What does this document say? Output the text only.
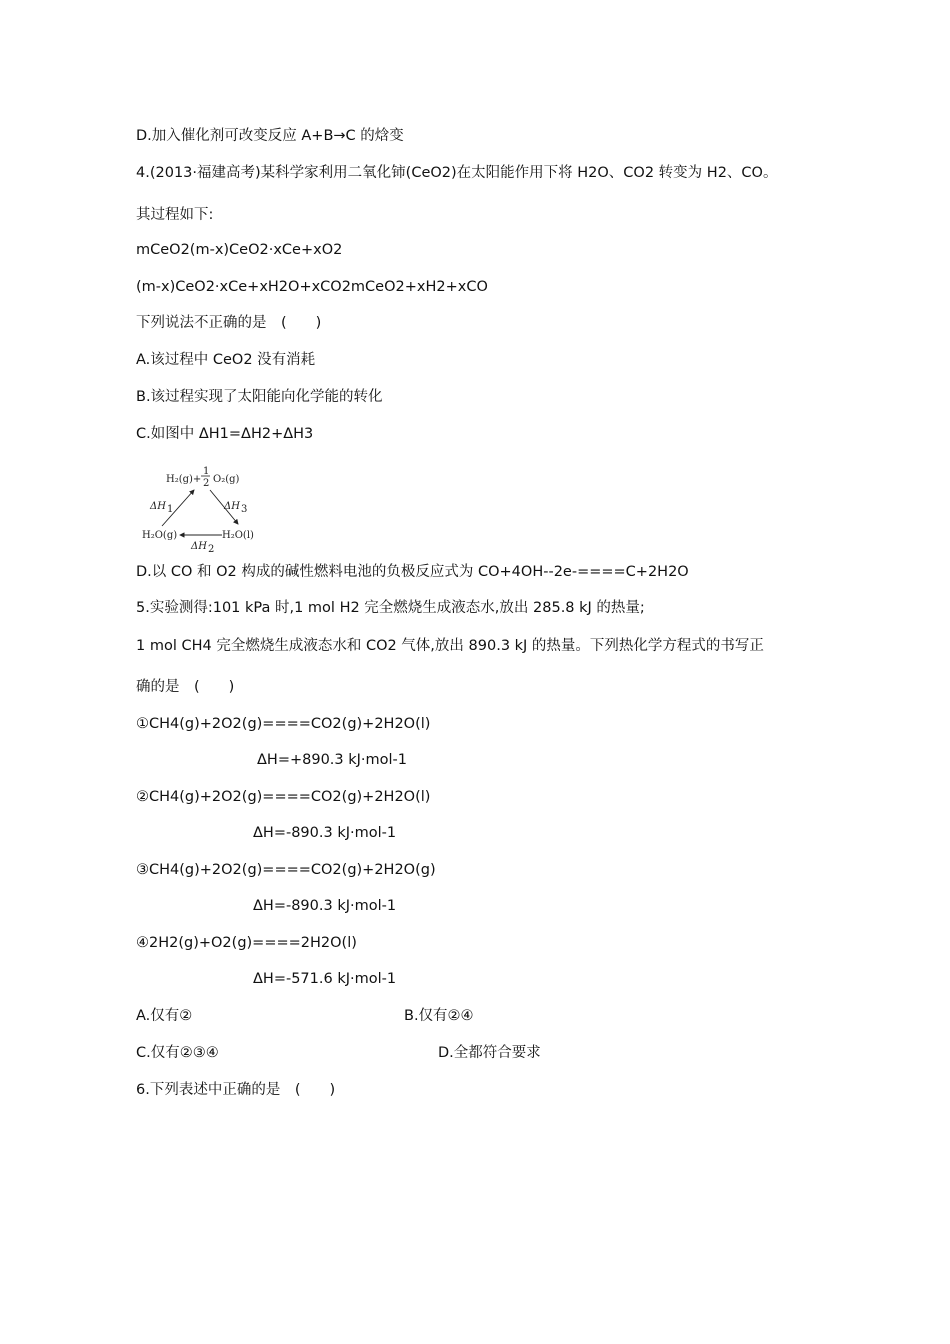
D.加入催化剂可改变反应 A+B→C 的焓变
4.(2013·福建高考)某科学家利用二氧化铈(CeO2)在太阳能作用下将 H2O、CO2 转变为 H2、CO。
其过程如下:
mCeO2(m-x)CeO2·xCe+xO2
(m-x)CeO2·xCe+xH2O+xCO2mCeO2+xH2+xCO
下列说法不正确的是　(　　)
A.该过程中 CeO2 没有消耗
B.该过程实现了太阳能向化学能的转化
C.如图中 ΔH1=ΔH2+ΔH3
H₂(g)+
1
2 O₂(g)
ΔH 1	ΔH 3
H₂O(g)	H₂O(l)
ΔH 2
D.以 CO 和 O2 构成的碱性燃料电池的负极反应式为 CO+4OH--2e-====C+2H2O
5.实验测得:101 kPa 时,1 mol H2 完全燃烧生成液态水,放出 285.8 kJ 的热量;
1 mol CH4 完全燃烧生成液态水和 CO2 气体,放出 890.3 kJ 的热量。下列热化学方程式的书写正
确的是　(　　)
①CH4(g)+2O2(g)====CO2(g)+2H2O(l)
ΔH=+890.3 kJ·mol-1
②CH4(g)+2O2(g)====CO2(g)+2H2O(l)
ΔH=-890.3 kJ·mol-1
③CH4(g)+2O2(g)====CO2(g)+2H2O(g)
ΔH=-890.3 kJ·mol-1
④2H2(g)+O2(g)====2H2O(l)
ΔH=-571.6 kJ·mol-1
A.仅有②	B.仅有②④
C.仅有②③④	D.全都符合要求
6.下列表述中正确的是　(　　)
